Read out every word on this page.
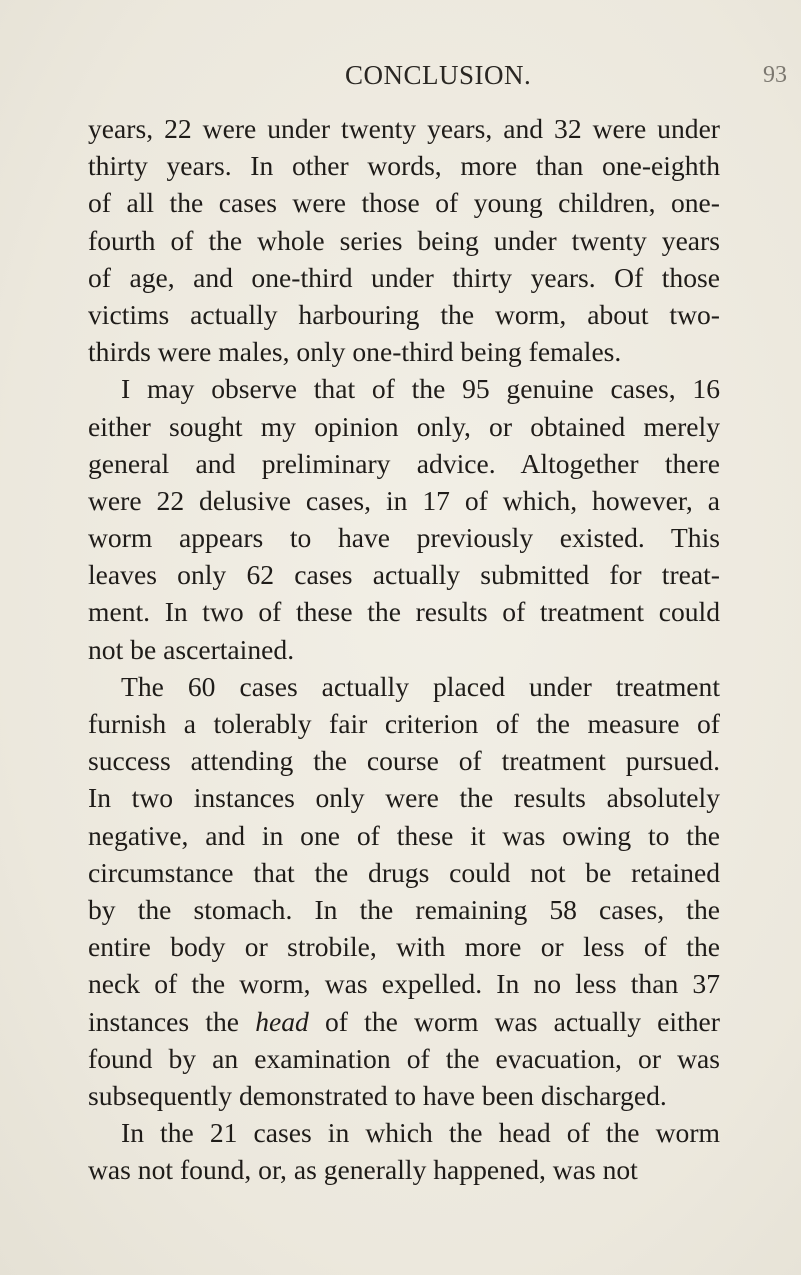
CONCLUSION.	93
years, 22 were under twenty years, and 32 were under
thirty years. In other words, more than one-eighth
of all the cases were those of young children, one-
fourth of the whole series being under twenty years
of age, and one-third under thirty years. Of those
victims actually harbouring the worm, about two-
thirds were males, only one-third being females.
I may observe that of the 95 genuine cases, 16
either sought my opinion only, or obtained merely
general and preliminary advice. Altogether there
were 22 delusive cases, in 17 of which, however, a
worm appears to have previously existed. This
leaves only 62 cases actually submitted for treat-
ment. In two of these the results of treatment could
not be ascertained.
The 60 cases actually placed under treatment
furnish a tolerably fair criterion of the measure of
success attending the course of treatment pursued.
In two instances only were the results absolutely
negative, and in one of these it was owing to the
circumstance that the drugs could not be retained
by the stomach. In the remaining 58 cases, the
entire body or strobile, with more or less of the
neck of the worm, was expelled. In no less than 37
instances the head of the worm was actually either
found by an examination of the evacuation, or was
subsequently demonstrated to have been discharged.
In the 21 cases in which the head of the worm
was not found, or, as generally happened, was not
